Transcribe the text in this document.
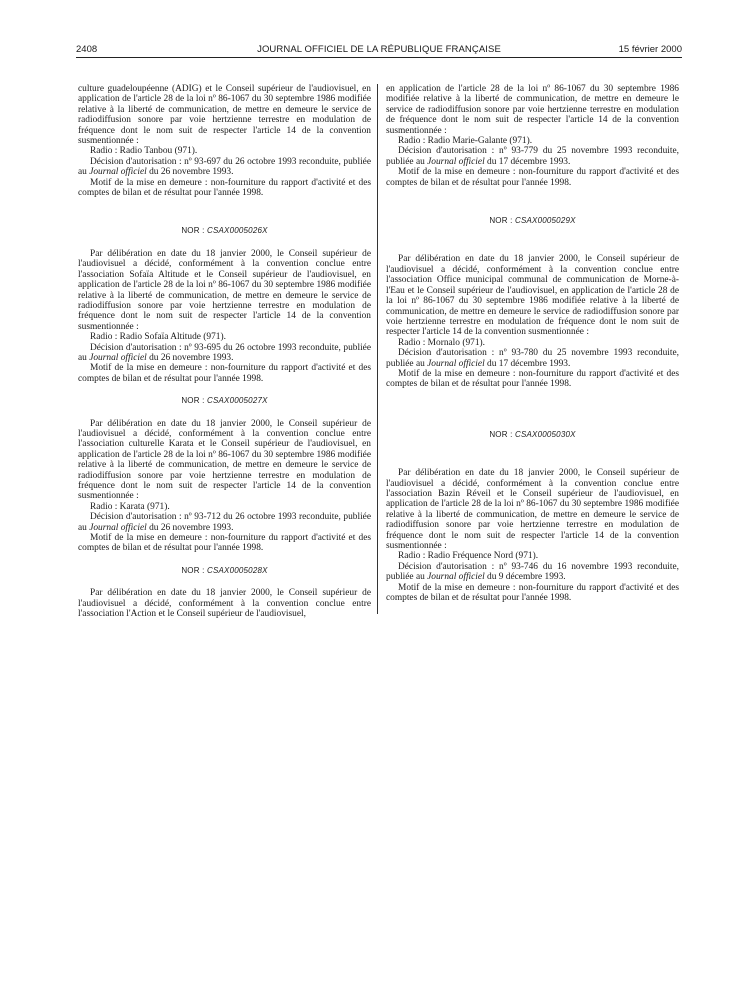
2408	JOURNAL OFFICIEL DE LA RÉPUBLIQUE FRANÇAISE	15 février 2000

culture guadeloupéenne (ADIG) et le Conseil supérieur de l'audiovisuel, en application de l'article 28 de la loi nº 86-1067 du 30 septembre 1986 modifiée relative à la liberté de communication, de mettre en demeure le service de radiodiffusion sonore par voie hertzienne terrestre en modulation de fréquence dont le nom suit de respecter l'article 14 de la convention susmentionnée :

Radio : Radio Tanbou (971).

Décision d'autorisation : nº 93-697 du 26 octobre 1993 reconduite, publiée au Journal officiel du 26 novembre 1993.

Motif de la mise en demeure : non-fourniture du rapport d'activité et des comptes de bilan et de résultat pour l'année 1998.

NOR : CSAX0005026X

Par délibération en date du 18 janvier 2000, le Conseil supérieur de l'audiovisuel a décidé, conformément à la convention conclue entre l'association Sofaïa Altitude et le Conseil supérieur de l'audiovisuel, en application de l'article 28 de la loi nº 86-1067 du 30 septembre 1986 modifiée relative à la liberté de communication, de mettre en demeure le service de radiodiffusion sonore par voie hertzienne terrestre en modulation de fréquence dont le nom suit de respecter l'article 14 de la convention susmentionnée :

Radio : Radio Sofaïa Altitude (971).

Décision d'autorisation : nº 93-695 du 26 octobre 1993 reconduite, publiée au Journal officiel du 26 novembre 1993.

Motif de la mise en demeure : non-fourniture du rapport d'activité et des comptes de bilan et de résultat pour l'année 1998.

NOR : CSAX0005027X

Par délibération en date du 18 janvier 2000, le Conseil supérieur de l'audiovisuel a décidé, conformément à la convention conclue entre l'association culturelle Karata et le Conseil supérieur de l'audiovisuel, en application de l'article 28 de la loi nº 86-1067 du 30 septembre 1986 modifiée relative à la liberté de communication, de mettre en demeure le service de radiodiffusion sonore par voie hertzienne terrestre en modulation de fréquence dont le nom suit de respecter l'article 14 de la convention susmentionnée :

Radio : Karata (971).

Décision d'autorisation : nº 93-712 du 26 octobre 1993 reconduite, publiée au Journal officiel du 26 novembre 1993.

Motif de la mise en demeure : non-fourniture du rapport d'activité et des comptes de bilan et de résultat pour l'année 1998.

NOR : CSAX0005028X

Par délibération en date du 18 janvier 2000, le Conseil supérieur de l'audiovisuel a décidé, conformément à la convention conclue entre l'association l'Action et le Conseil supérieur de l'audiovisuel,

en application de l'article 28 de la loi nº 86-1067 du 30 septembre 1986 modifiée relative à la liberté de communication, de mettre en demeure le service de radiodiffusion sonore par voie hertzienne terrestre en modulation de fréquence dont le nom suit de respecter l'article 14 de la convention susmentionnée :

Radio : Radio Marie-Galante (971).

Décision d'autorisation : nº 93-779 du 25 novembre 1993 reconduite, publiée au Journal officiel du 17 décembre 1993.

Motif de la mise en demeure : non-fourniture du rapport d'activité et des comptes de bilan et de résultat pour l'année 1998.

NOR : CSAX0005029X

Par délibération en date du 18 janvier 2000, le Conseil supérieur de l'audiovisuel a décidé, conformément à la convention conclue entre l'association Office municipal communal de communication de Morne-à-l'Eau et le Conseil supérieur de l'audiovisuel, en application de l'article 28 de la loi nº 86-1067 du 30 septembre 1986 modifiée relative à la liberté de communication, de mettre en demeure le service de radiodiffusion sonore par voie hertzienne terrestre en modulation de fréquence dont le nom suit de respecter l'article 14 de la convention susmentionnée :

Radio : Mornalo (971).

Décision d'autorisation : nº 93-780 du 25 novembre 1993 reconduite, publiée au Journal officiel du 17 décembre 1993.

Motif de la mise en demeure : non-fourniture du rapport d'activité et des comptes de bilan et de résultat pour l'année 1998.

NOR : CSAX0005030X

Par délibération en date du 18 janvier 2000, le Conseil supérieur de l'audiovisuel a décidé, conformément à la convention conclue entre l'association Bazin Réveil et le Conseil supérieur de l'audiovisuel, en application de l'article 28 de la loi nº 86-1067 du 30 septembre 1986 modifiée relative à la liberté de communication, de mettre en demeure le service de radiodiffusion sonore par voie hertzienne terrestre en modulation de fréquence dont le nom suit de respecter l'article 14 de la convention susmentionnée :

Radio : Radio Fréquence Nord (971).

Décision d'autorisation : nº 93-746 du 16 novembre 1993 reconduite, publiée au Journal officiel du 9 décembre 1993.

Motif de la mise en demeure : non-fourniture du rapport d'activité et des comptes de bilan et de résultat pour l'année 1998.
